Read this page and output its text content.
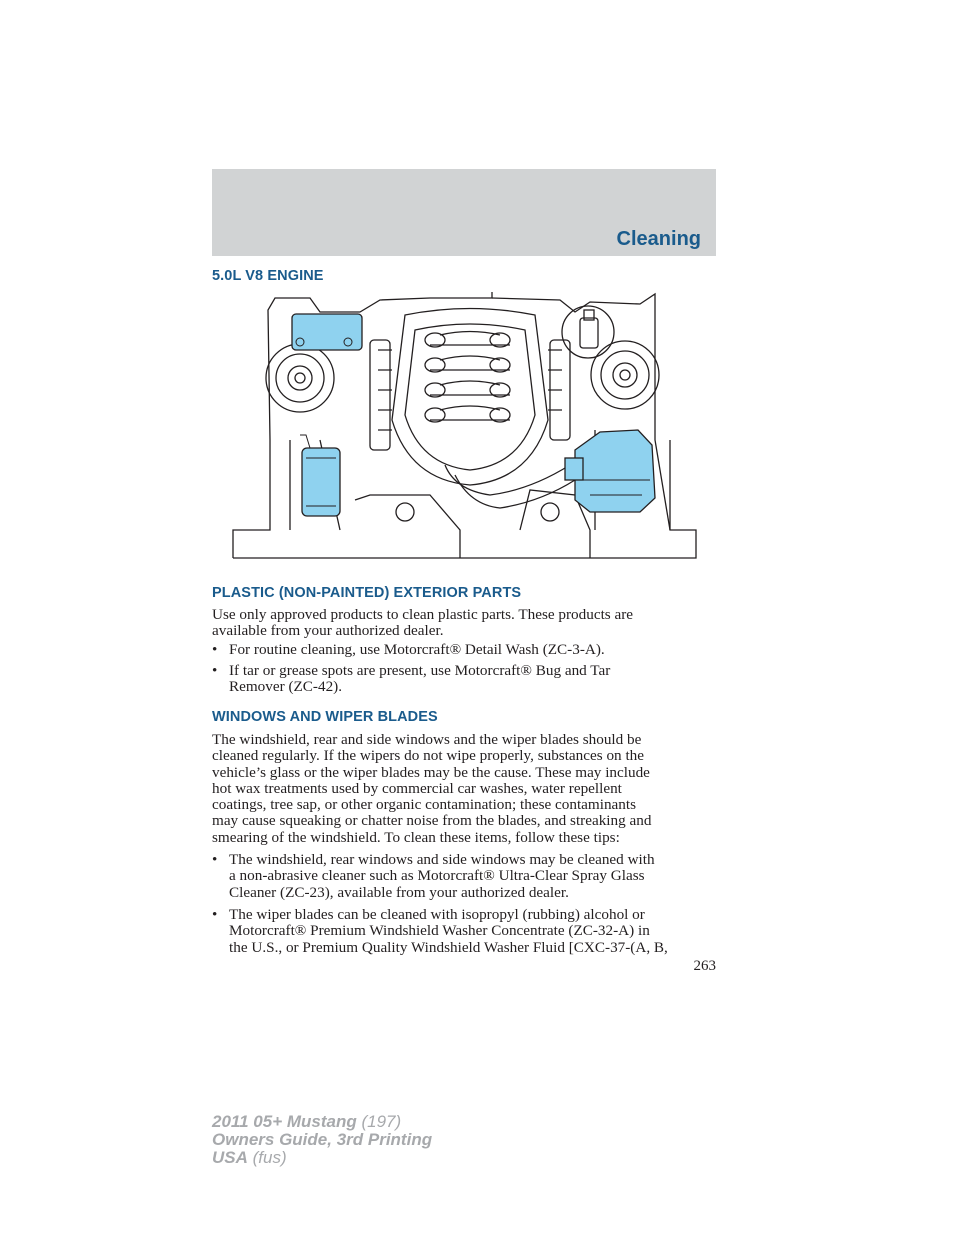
Cleaning
5.0L V8 ENGINE
PLASTIC (NON-PAINTED) EXTERIOR PARTS
Use only approved products to clean plastic parts. These products are
available from your authorized dealer.
• For routine cleaning, use Motorcraft® Detail Wash (ZC-3-A).
• If tar or grease spots are present, use Motorcraft® Bug and Tar
Remover (ZC-42).
WINDOWS AND WIPER BLADES
The windshield, rear and side windows and the wiper blades should be
cleaned regularly. If the wipers do not wipe properly, substances on the
vehicle’s glass or the wiper blades may be the cause. These may include
hot wax treatments used by commercial car washes, water repellent
coatings, tree sap, or other organic contamination; these contaminants
may cause squeaking or chatter noise from the blades, and streaking and
smearing of the windshield. To clean these items, follow these tips:
• The windshield, rear windows and side windows may be cleaned with
a non-abrasive cleaner such as Motorcraft® Ultra-Clear Spray Glass
Cleaner (ZC-23), available from your authorized dealer.
• The wiper blades can be cleaned with isopropyl (rubbing) alcohol or
Motorcraft® Premium Windshield Washer Concentrate (ZC-32-A) in
the U.S., or Premium Quality Windshield Washer Fluid [CXC-37-(A, B,
263
2011 05+ Mustang (197)
Owners Guide, 3rd Printing
USA (fus)
